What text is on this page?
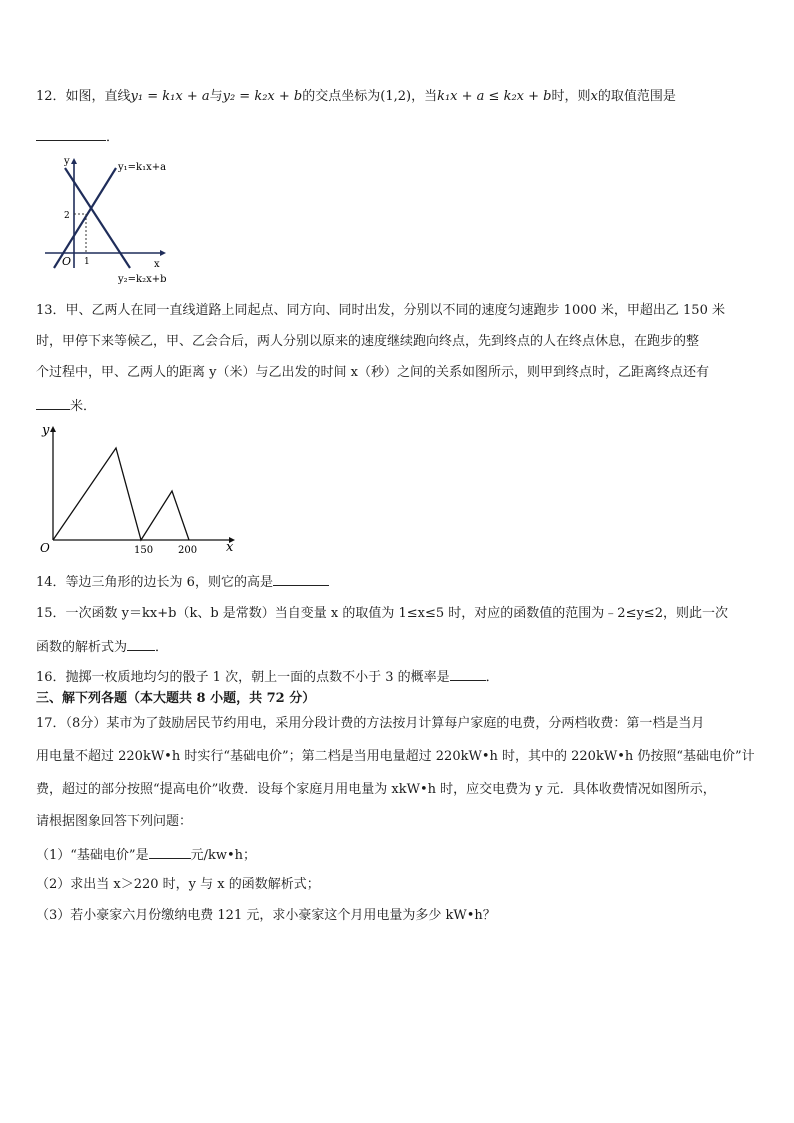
12．如图，直线y₁ = k₁x + a与y₂ = k₂x + b的交点坐标为(1,2)，当k₁x + a ≤ k₂x + b时，则x的取值范围是
．
y
x
O 1
2
y₁=k₁x+a
y₂=k₂x+b
13．甲、乙两人在同一直线道路上同起点、同方向、同时出发，分别以不同的速度匀速跑步 1000 米，甲超出乙 150 米
时，甲停下来等候乙，甲、乙会合后，两人分别以原来的速度继续跑向终点，先到终点的人在终点休息，在跑步的整
个过程中，甲、乙两人的距离 y（米）与乙出发的时间 x（秒）之间的关系如图所示，则甲到终点时，乙距离终点还有
米．
y
x
O	150 200
14．等边三角形的边长为 6，则它的高是
15．一次函数 y＝kx+b（k、b 是常数）当自变量 x 的取值为 1≤x≤5 时，对应的函数值的范围为﹣2≤y≤2，则此一次
函数的解析式为 ．
16．抛掷一枚质地均匀的骰子 1 次，朝上一面的点数不小于 3 的概率是	．
三、解下列各题（本大题共 8 小题，共 72 分）
17．（8分）某市为了鼓励居民节约用电，采用分段计费的方法按月计算每户家庭的电费，分两档收费：第一档是当月
用电量不超过 220kW•h 时实行“基础电价”；第二档是当用电量超过 220kW•h 时，其中的 220kW•h 仍按照“基础电价”计
费，超过的部分按照“提高电价”收费．设每个家庭月用电量为 xkW•h 时，应交电费为 y 元．具体收费情况如图所示，
请根据图象回答下列问题：
（1）“基础电价”是	元/kw•h；
（2）求出当 x＞220 时，y 与 x 的函数解析式；
（3）若小豪家六月份缴纳电费 121 元，求小豪家这个月用电量为多少 kW•h？
